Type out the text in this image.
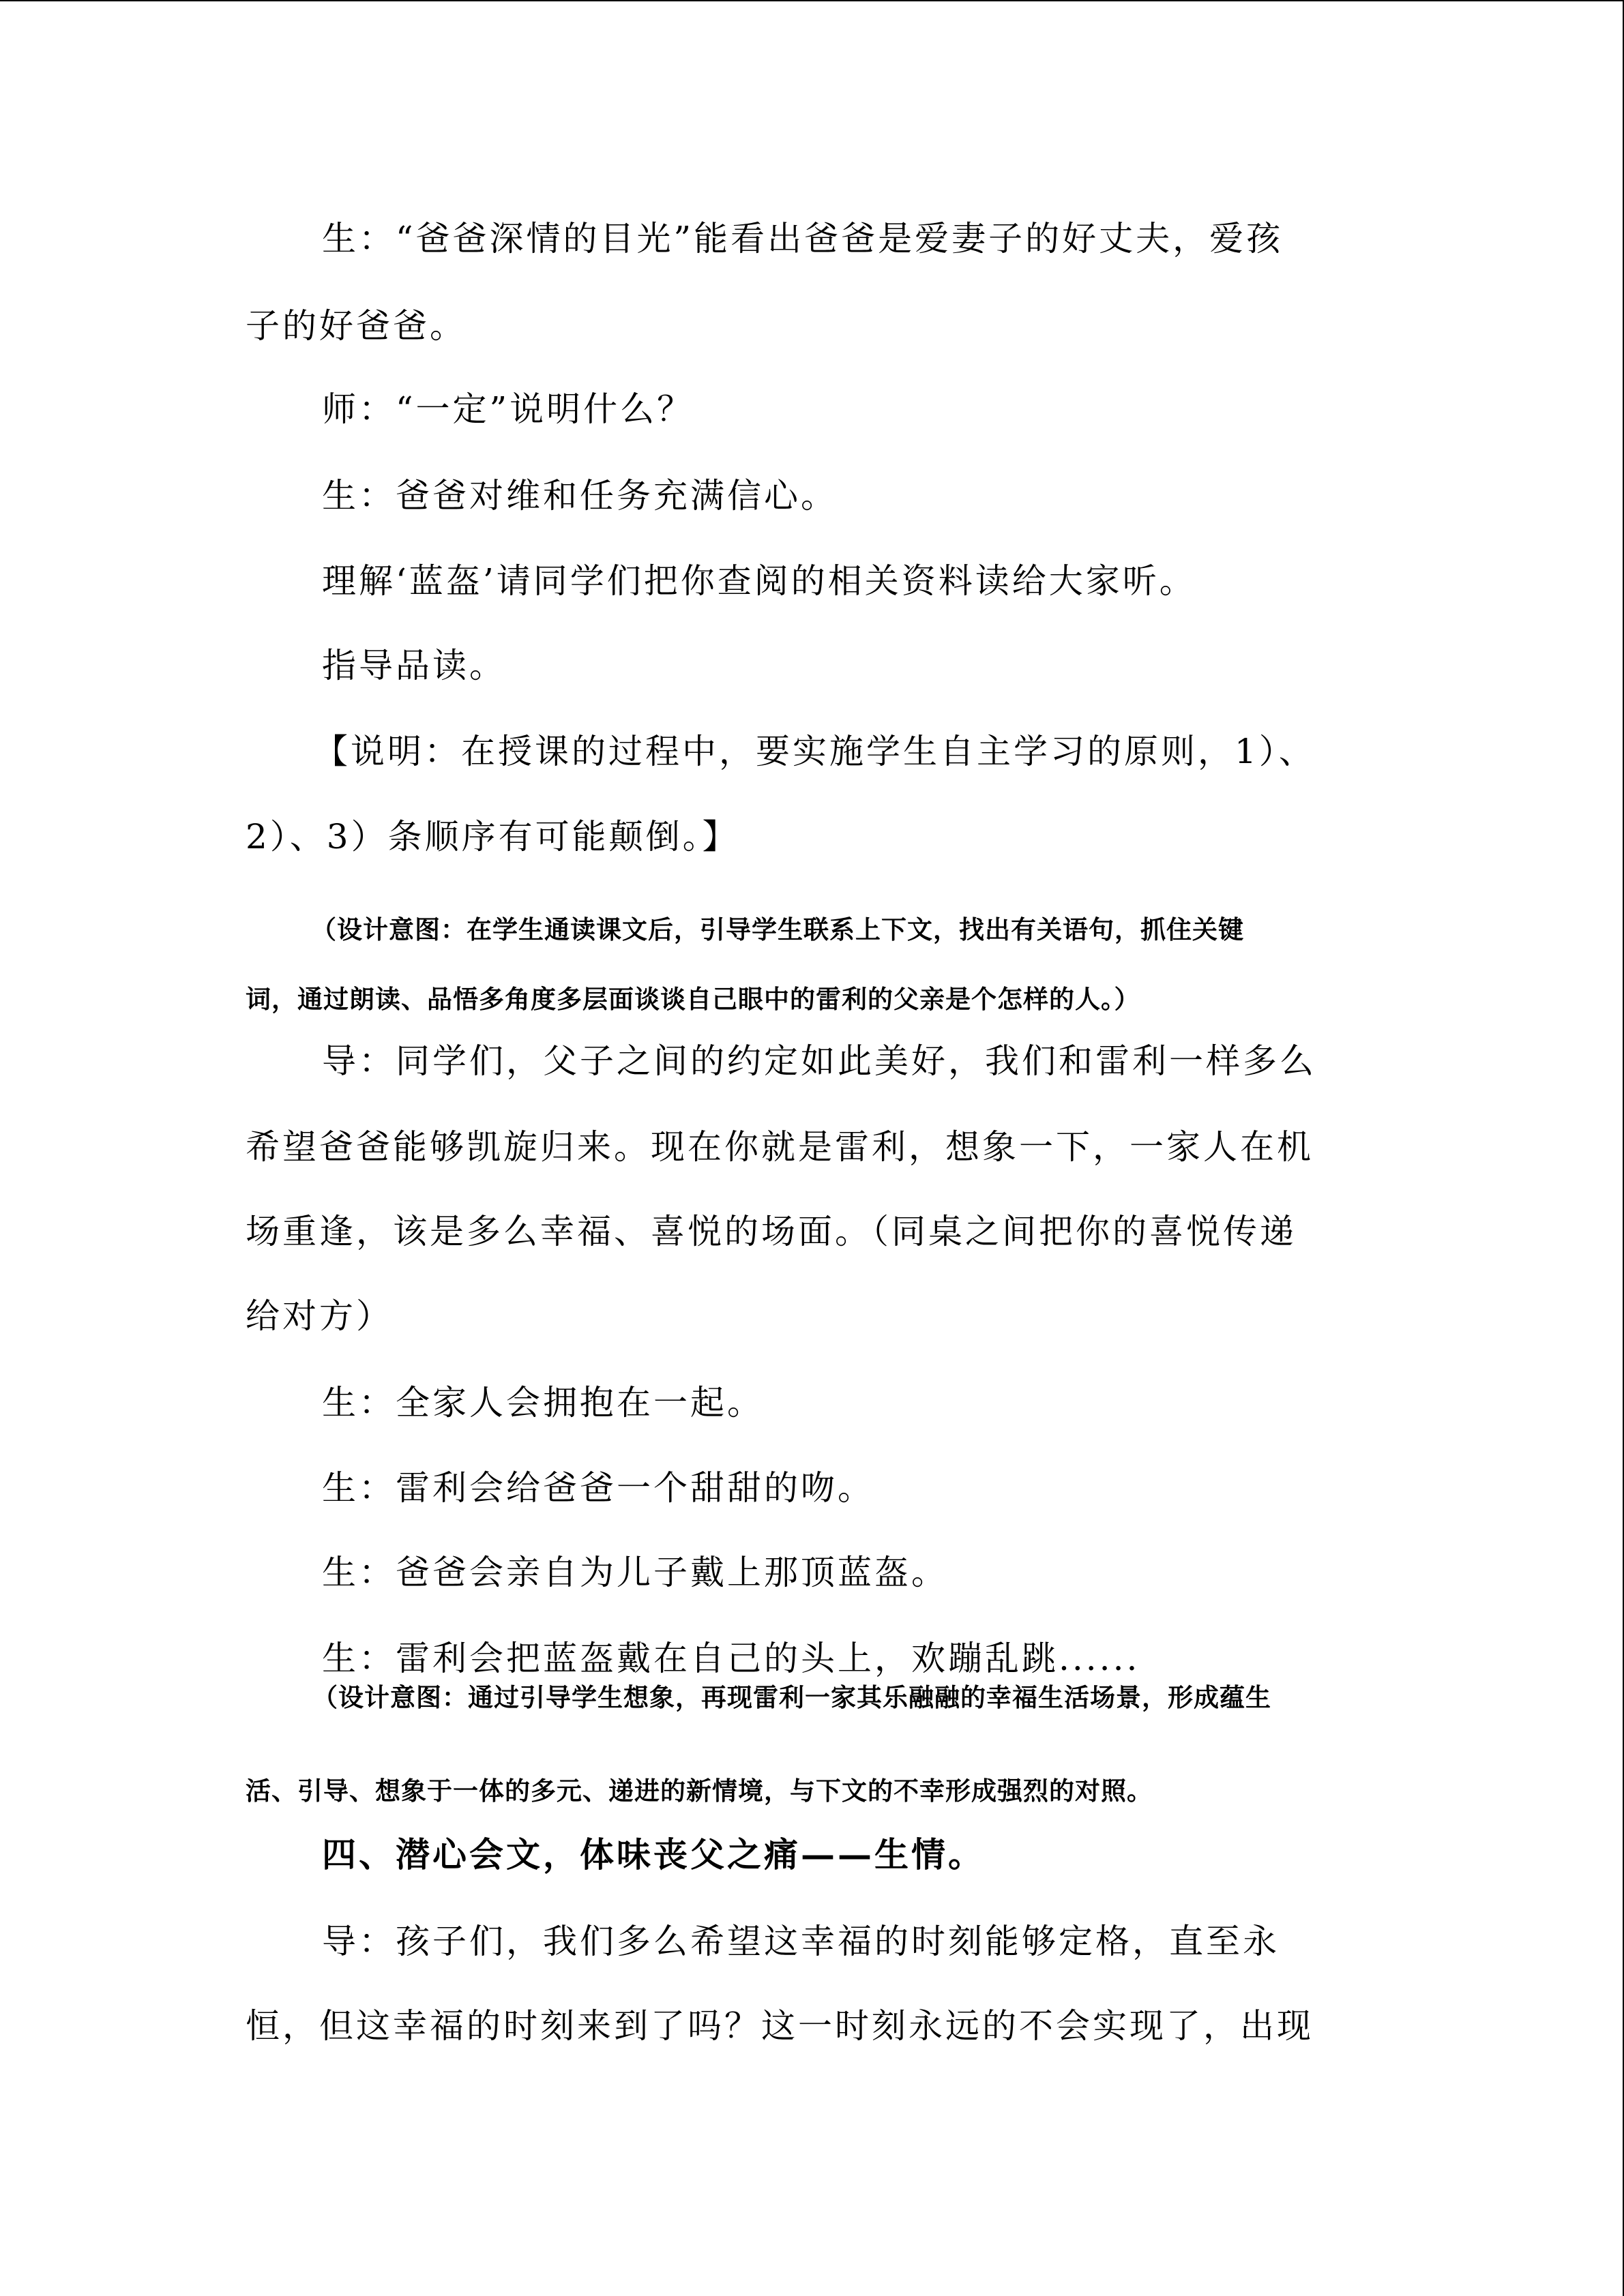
生：“爸爸深情的目光”能看出爸爸是爱妻子的好丈夫，爱孩
子的好爸爸。
师：“一定”说明什么？
生：爸爸对维和任务充满信心。
理解‘蓝盔’请同学们把你查阅的相关资料读给大家听。
指导品读。
【说明：在授课的过程中，要实施学生自主学习的原则，1）、
2）、3）条顺序有可能颠倒。】
（设计意图：在学生通读课文后，引导学生联系上下文，找出有关语句，抓住关键
词，通过朗读、品悟多角度多层面谈谈自己眼中的雷利的父亲是个怎样的人。）
导：同学们，父子之间的约定如此美好，我们和雷利一样多么
希望爸爸能够凯旋归来。现在你就是雷利，想象一下，一家人在机
场重逢，该是多么幸福、喜悦的场面。（同桌之间把你的喜悦传递
给对方）
生：全家人会拥抱在一起。
生：雷利会给爸爸一个甜甜的吻。
生：爸爸会亲自为儿子戴上那顶蓝盔。
生：雷利会把蓝盔戴在自己的头上，欢蹦乱跳......
（设计意图：通过引导学生想象，再现雷利一家其乐融融的幸福生活场景，形成蕴生
活、引导、想象于一体的多元、递进的新情境，与下文的不幸形成强烈的对照。
四、潜心会文，体味丧父之痛——生情。
导：孩子们，我们多么希望这幸福的时刻能够定格，直至永
恒，但这幸福的时刻来到了吗？这一时刻永远的不会实现了，出现
